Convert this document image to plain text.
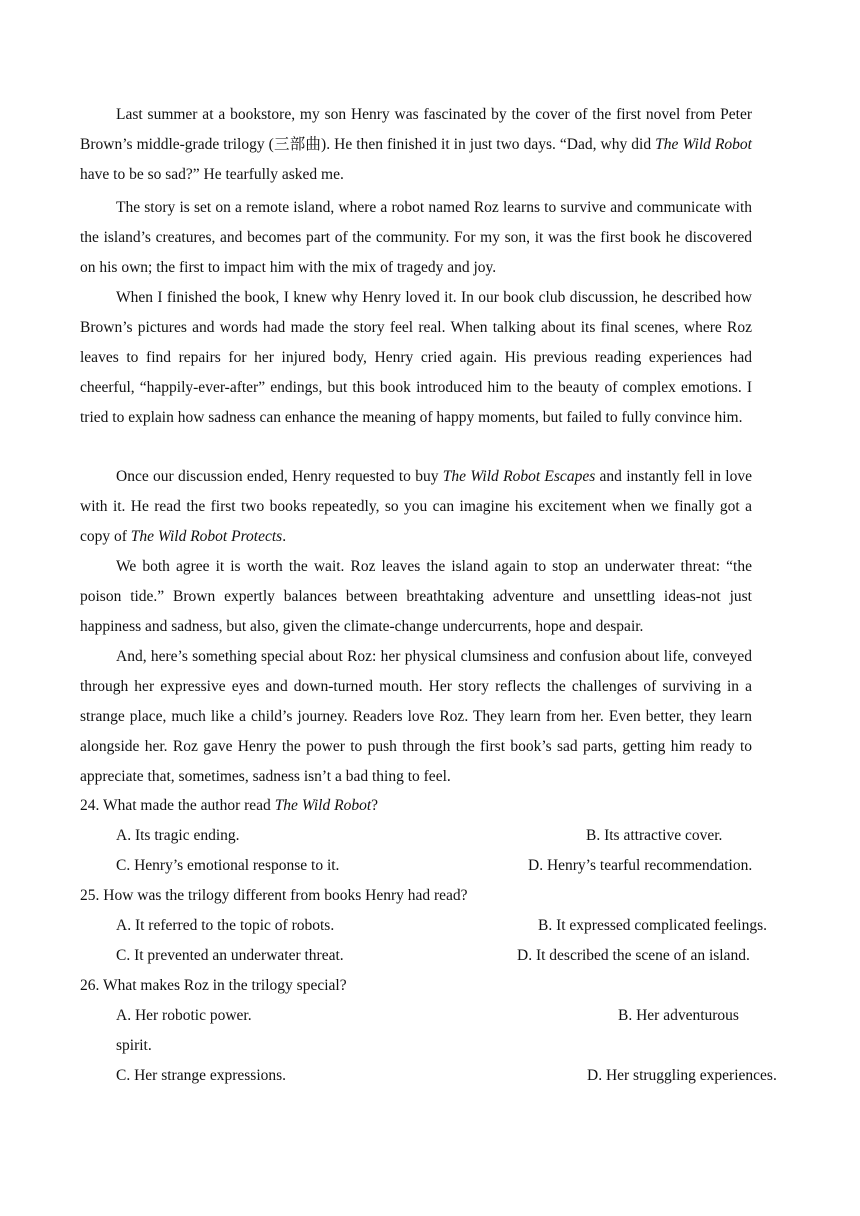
Last summer at a bookstore, my son Henry was fascinated by the cover of the first novel from Peter Brown’s middle-grade trilogy (三部曲). He then finished it in just two days. “Dad, why did The Wild Robot have to be so sad?” He tearfully asked me.

The story is set on a remote island, where a robot named Roz learns to survive and communicate with the island’s creatures, and becomes part of the community. For my son, it was the first book he discovered on his own; the first to impact him with the mix of tragedy and joy.

When I finished the book, I knew why Henry loved it. In our book club discussion, he described how Brown’s pictures and words had made the story feel real. When talking about its final scenes, where Roz leaves to find repairs for her injured body, Henry cried again. His previous reading experiences had cheerful, “happily-ever-after” endings, but this book introduced him to the beauty of complex emotions. I tried to explain how sadness can enhance the meaning of happy moments, but failed to fully convince him.

Once our discussion ended, Henry requested to buy The Wild Robot Escapes and instantly fell in love with it. He read the first two books repeatedly, so you can imagine his excitement when we finally got a copy of The Wild Robot Protects.

We both agree it is worth the wait. Roz leaves the island again to stop an underwater threat: “the poison tide.” Brown expertly balances between breathtaking adventure and unsettling ideas-not just happiness and sadness, but also, given the climate-change undercurrents, hope and despair.

And, here’s something special about Roz: her physical clumsiness and confusion about life, conveyed through her expressive eyes and down-turned mouth. Her story reflects the challenges of surviving in a strange place, much like a child’s journey. Readers love Roz. They learn from her. Even better, they learn alongside her. Roz gave Henry the power to push through the first book’s sad parts, getting him ready to appreciate that, sometimes, sadness isn’t a bad thing to feel.

24. What made the author read The Wild Robot?

A. Its tragic ending.	B. Its attractive cover.

C. Henry’s emotional response to it.	D. Henry’s tearful recommendation.

25. How was the trilogy different from books Henry had read?

A. It referred to the topic of robots.	B. It expressed complicated feelings.

C. It prevented an underwater threat.	D. It described the scene of an island.

26. What makes Roz in the trilogy special?

A. Her robotic power.	B. Her adventurous

spirit.

C. Her strange expressions.	D. Her struggling experiences.
